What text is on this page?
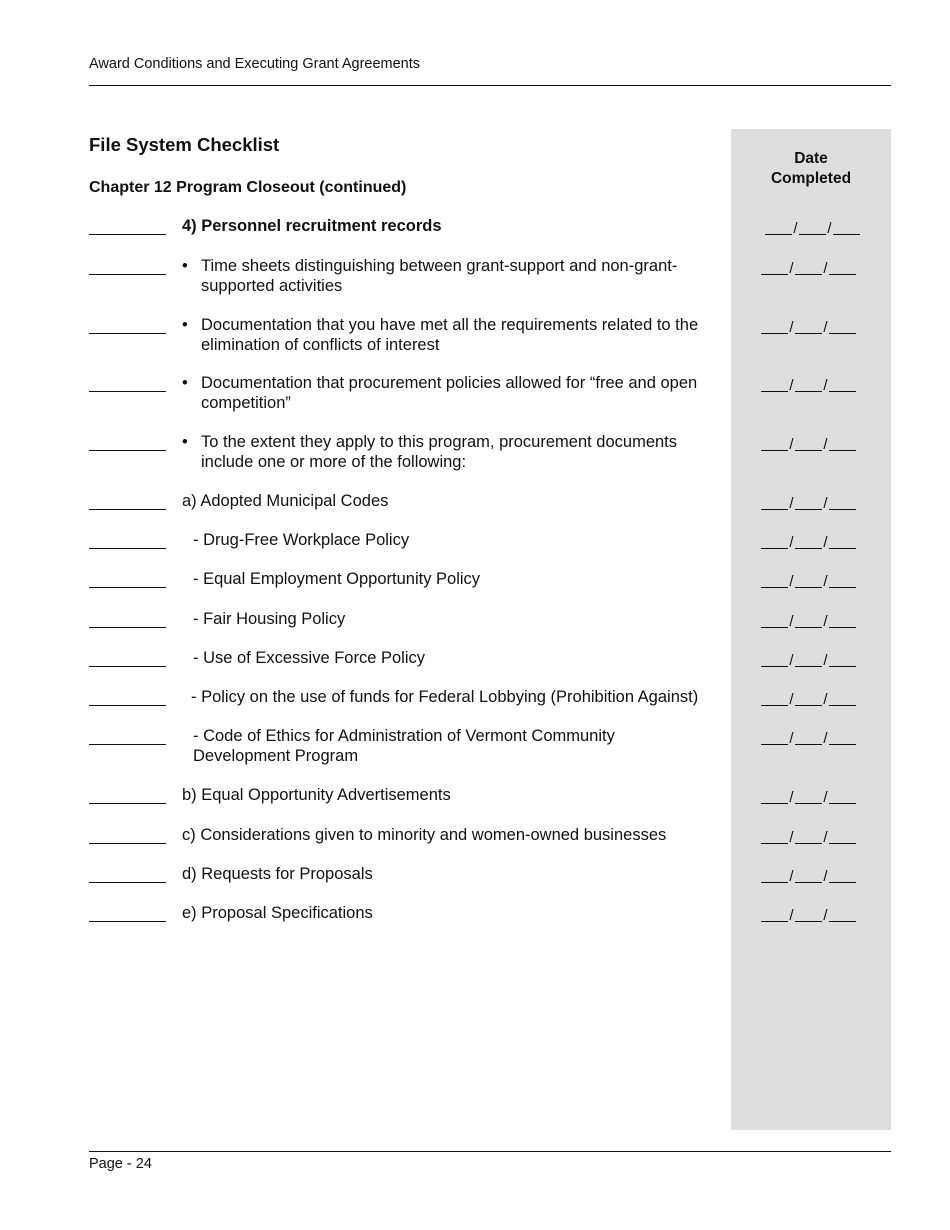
Award Conditions and Executing Grant Agreements
Date
Completed
File System Checklist
Chapter 12 Program Closeout (continued)
4) Personnel recruitment records	/ /
• Time sheets distinguishing between grant-support and non-grant-supported activities
/ /
• Documentation that you have met all the requirements related to the elimination of conflicts of interest
/ /
• Documentation that procurement policies allowed for “free and open competition”
/ /
• To the extent they apply to this program, procurement documents include one or more of the following:
/ /
a) Adopted Municipal Codes	/ /
- Drug-Free Workplace Policy	/ /
- Equal Employment Opportunity Policy	/ /
- Fair Housing Policy	/ /
- Use of Excessive Force Policy	/ /
- Policy on the use of funds for Federal Lobbying (Prohibition Against)	/ /
- Code of Ethics for Administration of Vermont Community Development Program
/ /
b) Equal Opportunity Advertisements	/ /
c) Considerations given to minority and women-owned businesses	/ /
d) Requests for Proposals	/ /
e) Proposal Specifications	/ /
Page - 24
